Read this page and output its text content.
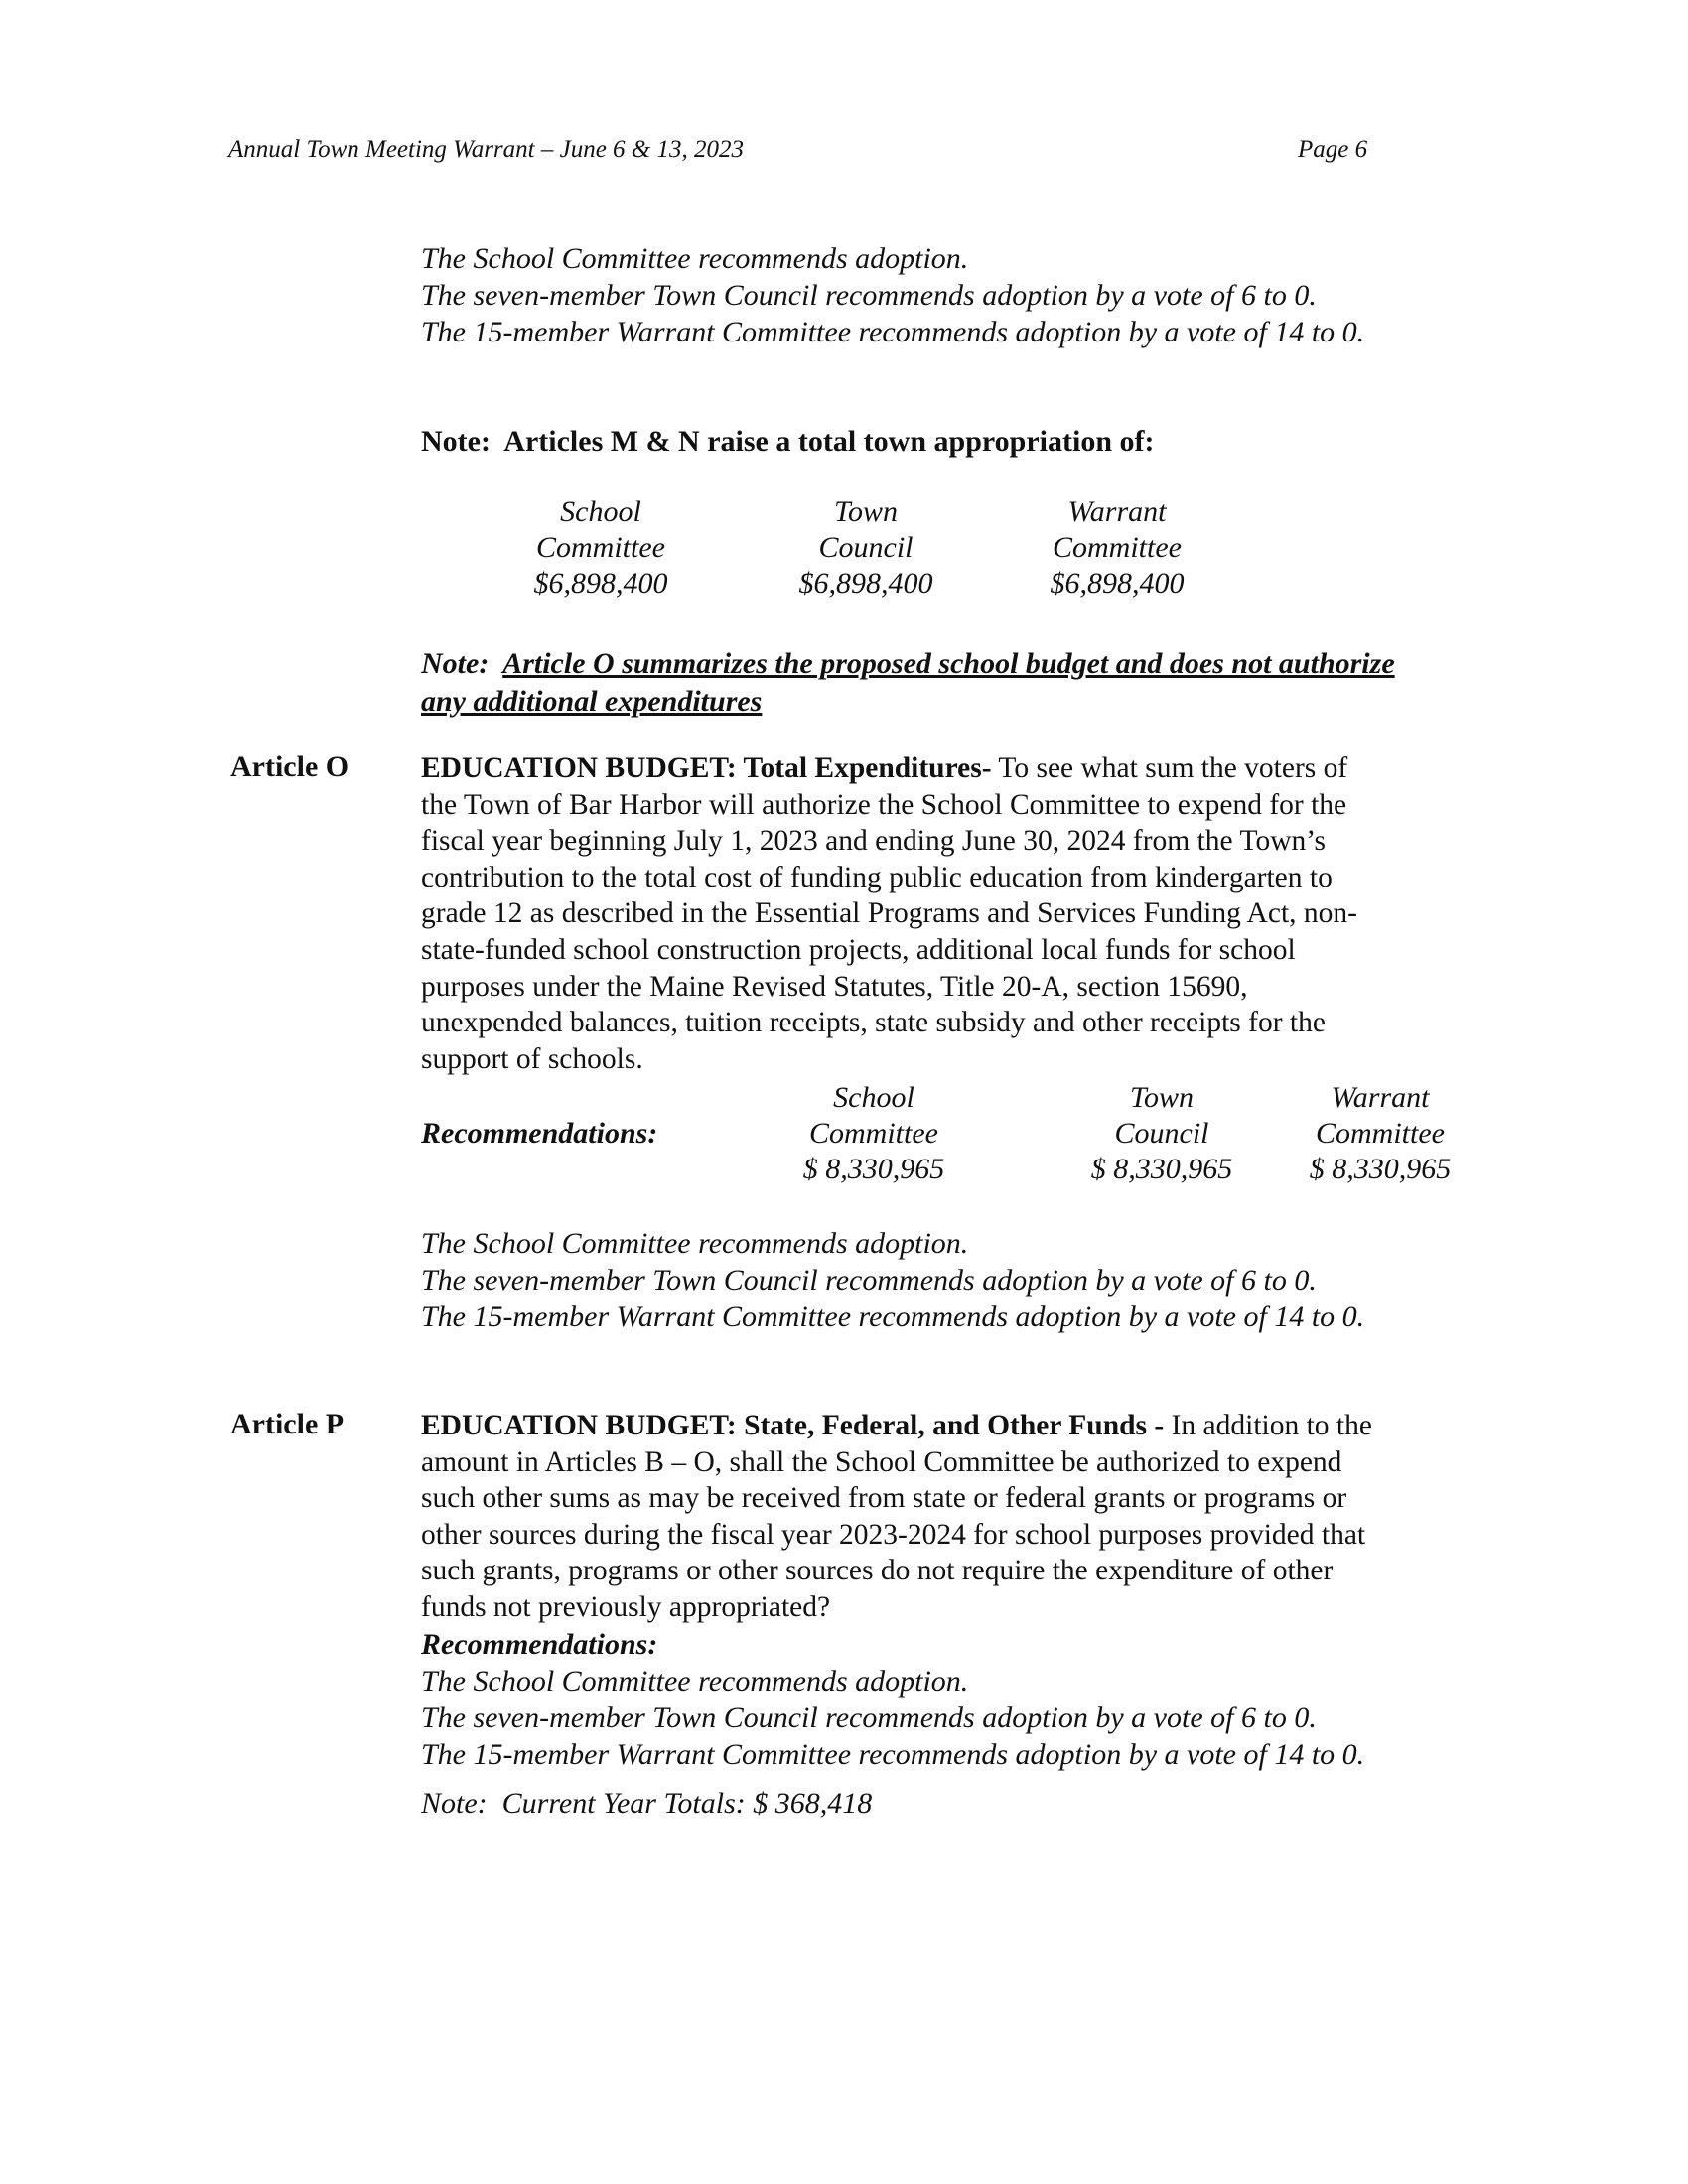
Annual Town Meeting Warrant – June 6 & 13, 2023	Page 6
The School Committee recommends adoption.
The seven-member Town Council recommends adoption by a vote of 6 to 0.
The 15-member Warrant Committee recommends adoption by a vote of 14 to 0.
Note:  Articles M & N raise a total town appropriation of:
School
Committee
$6,898,400
Town
Council
$6,898,400
Warrant
Committee
$6,898,400
Note: Article O summarizes the proposed school budget and does not authorize
any additional expenditures
Article O EDUCATION BUDGET: Total Expenditures- To see what sum the voters of
the Town of Bar Harbor will authorize the School Committee to expend for the
fiscal year beginning July 1, 2023 and ending June 30, 2024 from the Town’s
contribution to the total cost of funding public education from kindergarten to
grade 12 as described in the Essential Programs and Services Funding Act, non-
state-funded school construction projects, additional local funds for school
purposes under the Maine Revised Statutes, Title 20-A, section 15690,
unexpended balances, tuition receipts, state subsidy and other receipts for the
support of schools.
Recommendations:
School
Committee
$ 8,330,965
Town
Council
$ 8,330,965
Warrant
Committee
$ 8,330,965
The School Committee recommends adoption.
The seven-member Town Council recommends adoption by a vote of 6 to 0.
The 15-member Warrant Committee recommends adoption by a vote of 14 to 0.
Article P	EDUCATION BUDGET: State, Federal, and Other Funds - In addition to the
amount in Articles B – O, shall the School Committee be authorized to expend
such other sums as may be received from state or federal grants or programs or
other sources during the fiscal year 2023-2024 for school purposes provided that
such grants, programs or other sources do not require the expenditure of other
funds not previously appropriated?
Recommendations:
The School Committee recommends adoption.
The seven-member Town Council recommends adoption by a vote of 6 to 0.
The 15-member Warrant Committee recommends adoption by a vote of 14 to 0.
Note:  Current Year Totals: $ 368,418
